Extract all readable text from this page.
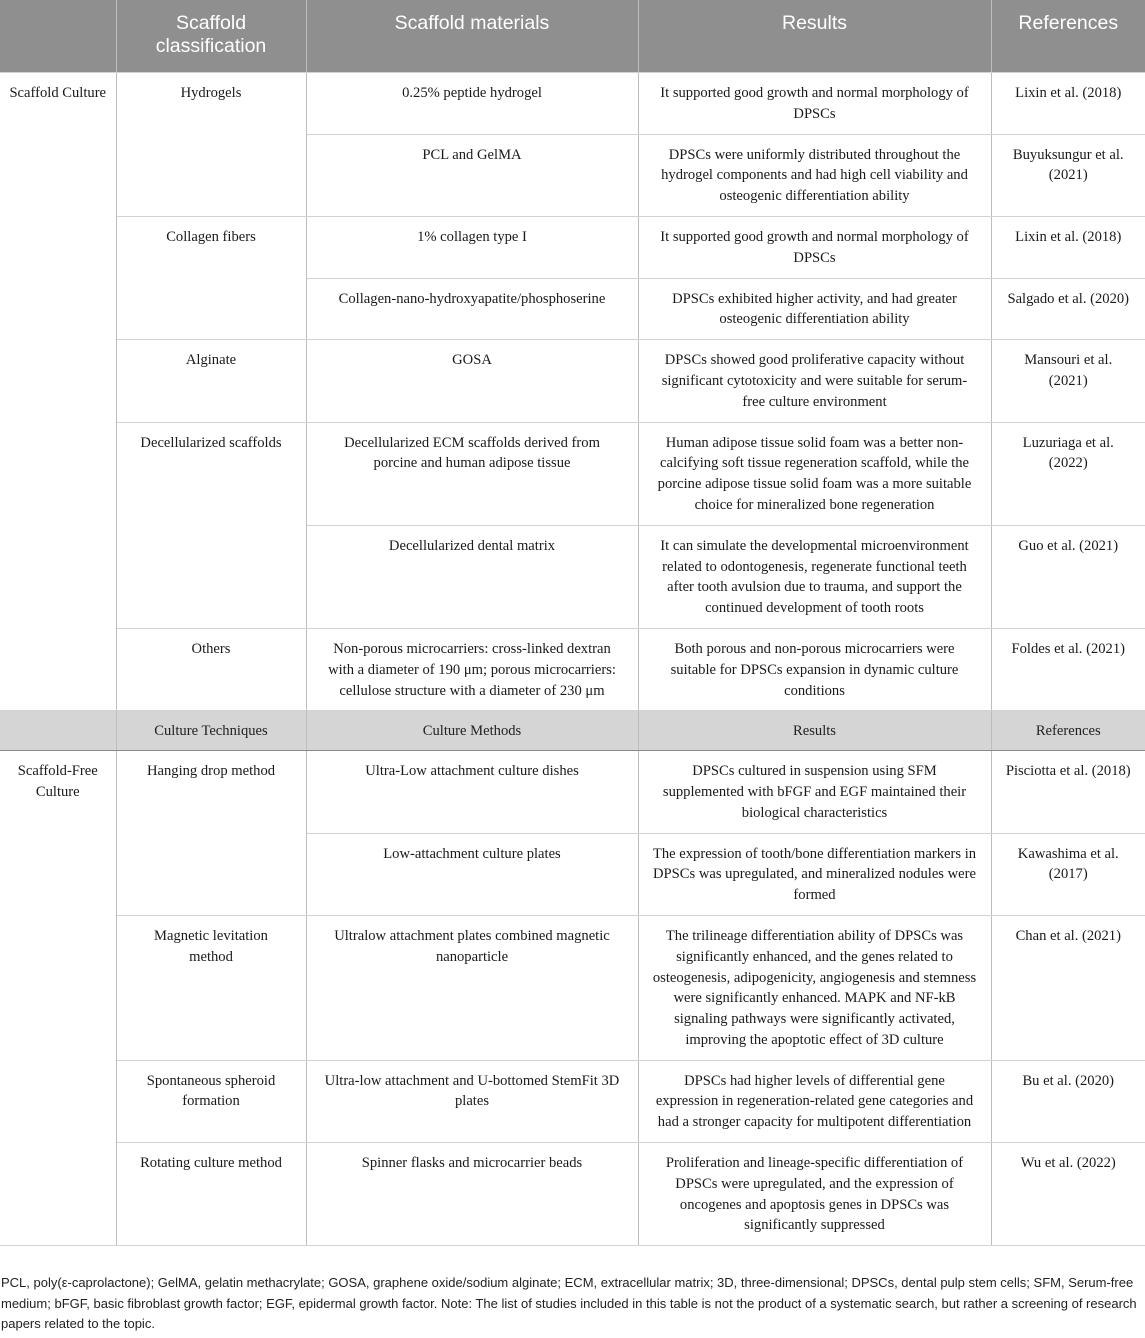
	Scaffold classification	Scaffold materials	Results	References
Scaffold Culture	Hydrogels	0.25% peptide hydrogel	It supported good growth and normal morphology of DPSCs	Lixin et al. (2018)
		PCL and GelMA	DPSCs were uniformly distributed throughout the hydrogel components and had high cell viability and osteogenic differentiation ability	Buyuksungur et al. (2021)
	Collagen fibers	1% collagen type I	It supported good growth and normal morphology of DPSCs	Lixin et al. (2018)
		Collagen-nano-hydroxyapatite/phosphoserine	DPSCs exhibited higher activity, and had greater osteogenic differentiation ability	Salgado et al. (2020)
	Alginate	GOSA	DPSCs showed good proliferative capacity without significant cytotoxicity and were suitable for serum-free culture environment	Mansouri et al. (2021)
	Decellularized scaffolds	Decellularized ECM scaffolds derived from porcine and human adipose tissue	Human adipose tissue solid foam was a better non-calcifying soft tissue regeneration scaffold, while the porcine adipose tissue solid foam was a more suitable choice for mineralized bone regeneration	Luzuriaga et al. (2022)
		Decellularized dental matrix	It can simulate the developmental microenvironment related to odontogenesis, regenerate functional teeth after tooth avulsion due to trauma, and support the continued development of tooth roots	Guo et al. (2021)
	Others	Non-porous microcarriers: cross-linked dextran with a diameter of 190 μm; porous microcarriers: cellulose structure with a diameter of 230 μm	Both porous and non-porous microcarriers were suitable for DPSCs expansion in dynamic culture conditions	Foldes et al. (2021)
	Culture Techniques	Culture Methods	Results	References
Scaffold-Free Culture	Hanging drop method	Ultra-Low attachment culture dishes	DPSCs cultured in suspension using SFM supplemented with bFGF and EGF maintained their biological characteristics	Pisciotta et al. (2018)
		Low-attachment culture plates	The expression of tooth/bone differentiation markers in DPSCs was upregulated, and mineralized nodules were formed	Kawashima et al. (2017)
	Magnetic levitation method	Ultralow attachment plates combined magnetic nanoparticle	The trilineage differentiation ability of DPSCs was significantly enhanced, and the genes related to osteogenesis, adipogenicity, angiogenesis and stemness were significantly enhanced. MAPK and NF-kB signaling pathways were significantly activated, improving the apoptotic effect of 3D culture	Chan et al. (2021)
	Spontaneous spheroid formation	Ultra-low attachment and U-bottomed StemFit 3D plates	DPSCs had higher levels of differential gene expression in regeneration-related gene categories and had a stronger capacity for multipotent differentiation	Bu et al. (2020)
	Rotating culture method	Spinner flasks and microcarrier beads	Proliferation and lineage-specific differentiation of DPSCs were upregulated, and the expression of oncogenes and apoptosis genes in DPSCs was significantly suppressed	Wu et al. (2022)
PCL, poly(ε-caprolactone); GelMA, gelatin methacrylate; GOSA, graphene oxide/sodium alginate; ECM, extracellular matrix; 3D, three-dimensional; DPSCs, dental pulp stem cells; SFM, Serum-free medium; bFGF, basic fibroblast growth factor; EGF, epidermal growth factor. Note: The list of studies included in this table is not the product of a systematic search, but rather a screening of research papers related to the topic.
